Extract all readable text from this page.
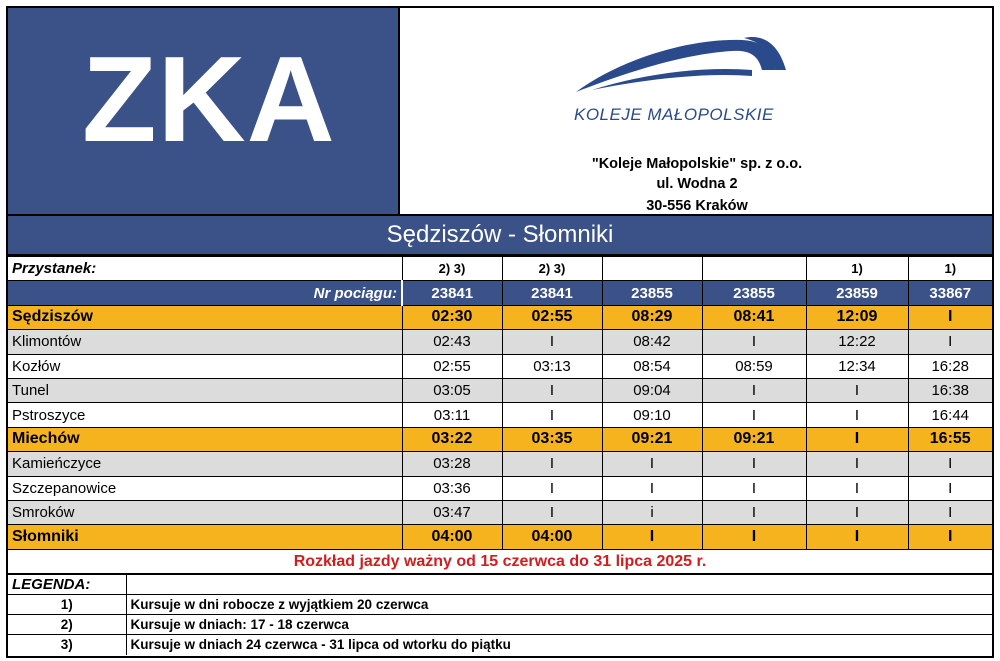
ZKA	KOLEJE MAŁOPOLSKIE
"Koleje Małopolskie" sp. z o.o.
ul. Wodna 2
30-556 Kraków
Sędziszów - Słomniki
Przystanek:	2) 3)	2) 3)			1)	1)
Nr pociągu:	23841	23841	23855	23855	23859	33867
Sędziszów	02:30	02:55	08:29	08:41	12:09	I
Klimontów	02:43	I	08:42	I	12:22	I
Kozłów	02:55	03:13	08:54	08:59	12:34	16:28
Tunel	03:05	I	09:04	I	I	16:38
Pstroszyce	03:11	I	09:10	I	I	16:44
Miechów	03:22	03:35	09:21	09:21	I	16:55
Kamieńczyce	03:28	I	I	I	I	I
Szczepanowice	03:36	I	I	I	I	I
Smroków	03:47	I	i	I	I	I
Słomniki	04:00	04:00	I	I	I	I
Rozkład jazdy ważny od 15 czerwca do 31 lipca 2025 r.
LEGENDA:	
1)	Kursuje w dni robocze z wyjątkiem 20 czerwca
2)	Kursuje w dniach: 17 - 18 czerwca
3)	Kursuje w dniach 24 czerwca - 31 lipca od wtorku do piątku
